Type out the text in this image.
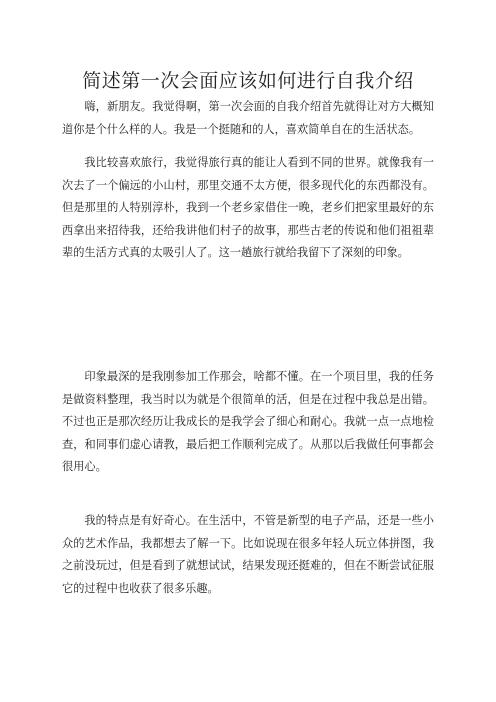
简述第一次会面应该如何进行自我介绍

嗨，新朋友。我觉得啊，第一次会面的自我介绍首先就得让对方大概知道你是个什么样的人。我是一个挺随和的人，喜欢简单自在的生活状态。

我比较喜欢旅行，我觉得旅行真的能让人看到不同的世界。就像我有一次去了一个偏远的小山村，那里交通不太方便，很多现代化的东西都没有。但是那里的人特别淳朴，我到一个老乡家借住一晚，老乡们把家里最好的东西拿出来招待我，还给我讲他们村子的故事，那些古老的传说和他们祖祖辈辈的生活方式真的太吸引人了。这一趟旅行就给我留下了深刻的印象。

印象最深的是我刚参加工作那会，啥都不懂。在一个项目里，我的任务是做资料整理，我当时以为就是个很简单的活，但是在过程中我总是出错。不过也正是那次经历让我成长的是我学会了细心和耐心。我就一点一点地检查，和同事们虚心请教，最后把工作顺利完成了。从那以后我做任何事都会很用心。

我的特点是有好奇心。在生活中，不管是新型的电子产品，还是一些小众的艺术作品，我都想去了解一下。比如说现在很多年轻人玩立体拼图，我之前没玩过，但是看到了就想试试，结果发现还挺难的，但在不断尝试征服它的过程中也收获了很多乐趣。
